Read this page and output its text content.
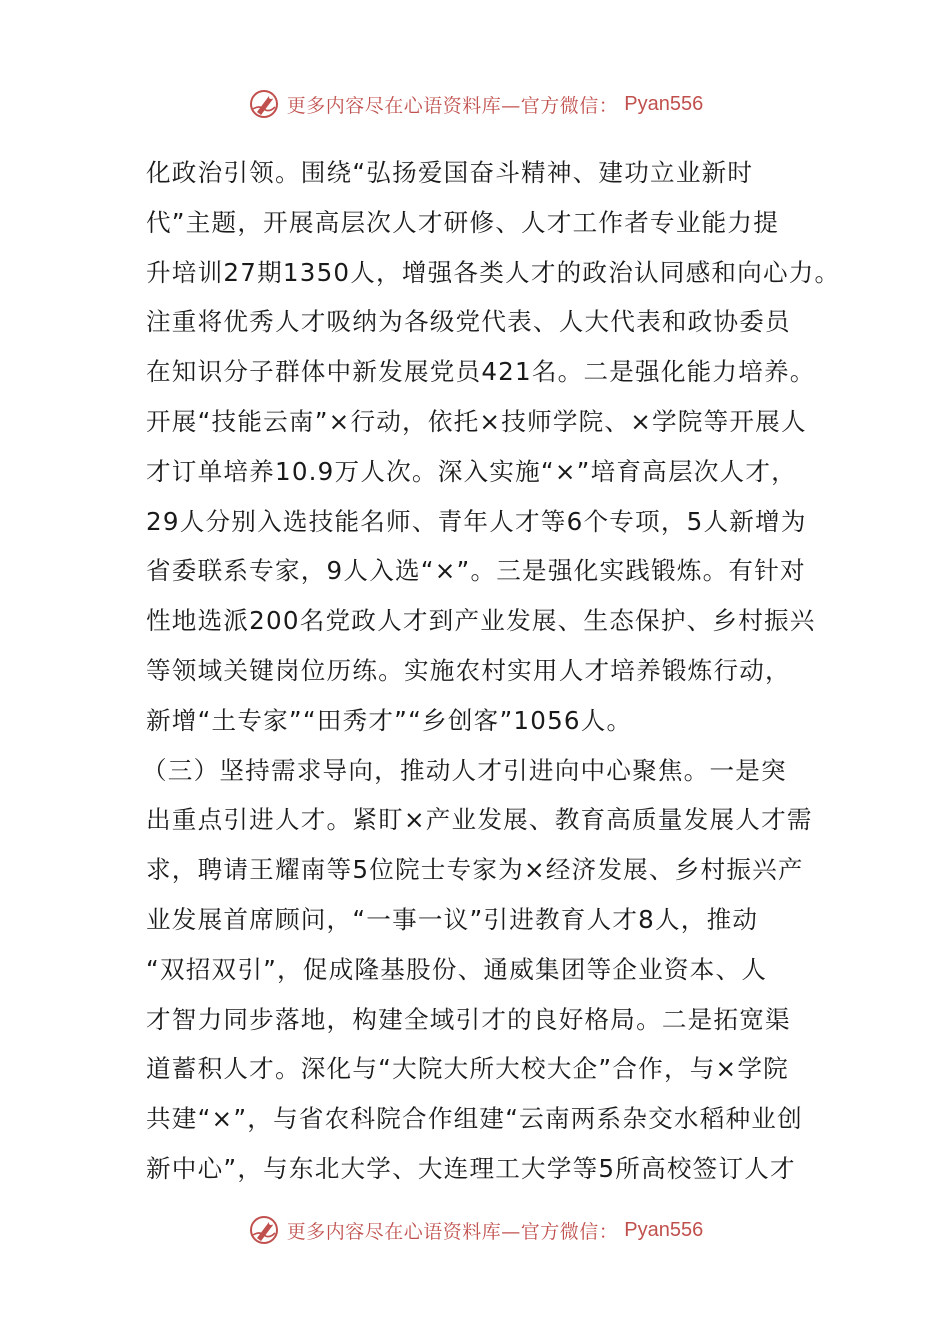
更多内容尽在心语资料库—官方微信： Pyan556
化政治引领。围绕“弘扬爱国奋斗精神、建功立业新时
代”主题，开展高层次人才研修、人才工作者专业能力提
升培训27期1350人，增强各类人才的政治认同感和向心力。
注重将优秀人才吸纳为各级党代表、人大代表和政协委员
在知识分子群体中新发展党员421名。二是强化能力培养。
开展“技能云南”×行动，依托×技师学院、×学院等开展人
才订单培养10.9万人次。深入实施“×”培育高层次人才，
29人分别入选技能名师、青年人才等6个专项，5人新增为
省委联系专家，9人入选“×”。三是强化实践锻炼。有针对
性地选派200名党政人才到产业发展、生态保护、乡村振兴
等领域关键岗位历练。实施农村实用人才培养锻炼行动，
新增“土专家”“田秀才”“乡创客”1056人。
（三）坚持需求导向，推动人才引进向中心聚焦。一是突
出重点引进人才。紧盯×产业发展、教育高质量发展人才需
求，聘请王耀南等5位院士专家为×经济发展、乡村振兴产
业发展首席顾问，“一事一议”引进教育人才8人，推动
“双招双引”，促成隆基股份、通威集团等企业资本、人
才智力同步落地，构建全域引才的良好格局。二是拓宽渠
道蓄积人才。深化与“大院大所大校大企”合作，与×学院
共建“×”，与省农科院合作组建“云南两系杂交水稻种业创
新中心”，与东北大学、大连理工大学等5所高校签订人才
更多内容尽在心语资料库—官方微信： Pyan556
